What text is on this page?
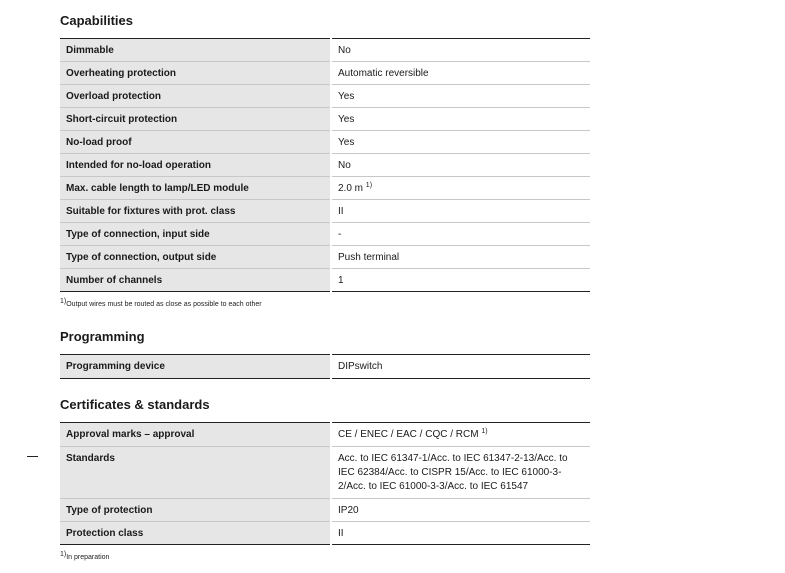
Capabilities
Dimmable	No
Overheating protection	Automatic reversible
Overload protection	Yes
Short-circuit protection	Yes
No-load proof	Yes
Intended for no-load operation	No
Max. cable length to lamp/LED module	2.0 m $^{1)}$
Suitable for fixtures with prot. class	II
Type of connection, input side	-
Type of connection, output side	Push terminal
Number of channels	1
$^{1)}$Output wires must be routed as close as possible to each other
Programming
Programming device	DIPswitch
Certificates & standards
Approval marks – approval	CE / ENEC / EAC / CQC / RCM $^{1)}$
Standards	Acc. to IEC 61347-1/Acc. to IEC 61347-2-13/Acc. to
IEC 62384/Acc. to CISPR 15/Acc. to IEC 61000-3-
2/Acc. to IEC 61000-3-3/Acc. to IEC 61547

Type of protection	IP20
Protection class	II
$^{1)}$In preparation
